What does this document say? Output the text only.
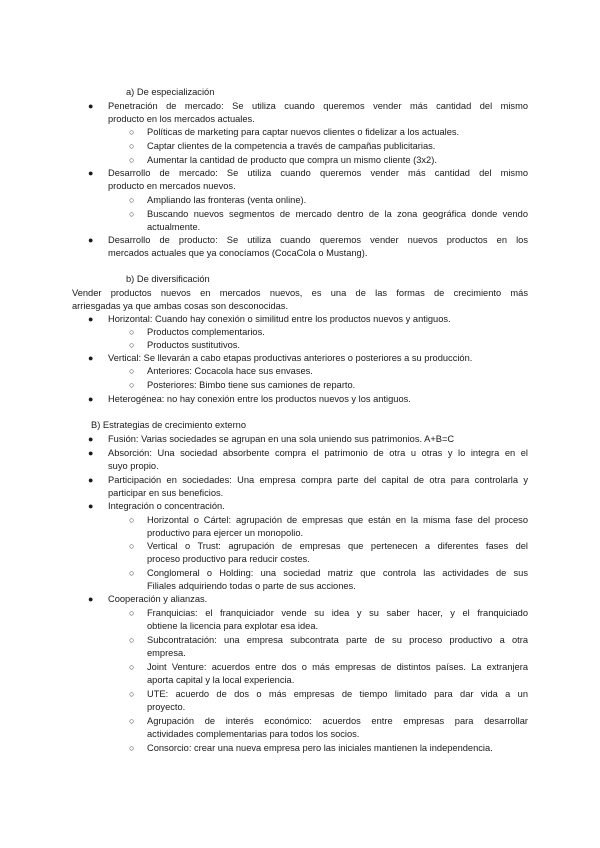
a) De especialización
● Penetración de mercado: Se utiliza cuando queremos vender más cantidad del mismo
producto en los mercados actuales.
○ Políticas de marketing para captar nuevos clientes o fidelizar a los actuales.
○ Captar clientes de la competencia a través de campañas publicitarias.
○ Aumentar la cantidad de producto que compra un mismo cliente (3x2).
● Desarrollo de mercado: Se utiliza cuando queremos vender más cantidad del mismo
producto en mercados nuevos.
○ Ampliando las fronteras (venta online).
○ Buscando nuevos segmentos de mercado dentro de la zona geográfica donde vendo
actualmente.
● Desarrollo de producto: Se utiliza cuando queremos vender nuevos productos en los
mercados actuales que ya conocíamos (CocaCola o Mustang).
b) De diversificación
Vender productos nuevos en mercados nuevos, es una de las formas de crecimiento más
arriesgadas ya que ambas cosas son desconocidas.
● Horizontal: Cuando hay conexión o similitud entre los productos nuevos y antiguos.
○ Productos complementarios.
○ Productos sustitutivos.
● Vertical: Se llevarán a cabo etapas productivas anteriores o posteriores a su producción.
○ Anteriores: Cocacola hace sus envases.
○ Posteriores: Bimbo tiene sus camiones de reparto.
● Heterogénea: no hay conexión entre los productos nuevos y los antiguos.
B) Estrategias de crecimiento externo
● Fusión: Varias sociedades se agrupan en una sola uniendo sus patrimonios. A+B=C
● Absorción: Una sociedad absorbente compra el patrimonio de otra u otras y lo integra en el
suyo propio.
● Participación en sociedades: Una empresa compra parte del capital de otra para controlarla y
participar en sus beneficios.
● Integración o concentración.
○ Horizontal o Cártel: agrupación de empresas que están en la misma fase del proceso
productivo para ejercer un monopolio.
○ Vertical o Trust: agrupación de empresas que pertenecen a diferentes fases del
proceso productivo para reducir costes.
○ Conglomeral o Holding: una sociedad matriz que controla las actividades de sus
Filiales adquiriendo todas o parte de sus acciones.
● Cooperación y alianzas.
○ Franquicias: el franquiciador vende su idea y su saber hacer, y el franquiciado
obtiene la licencia para explotar esa idea.
○ Subcontratación: una empresa subcontrata parte de su proceso productivo a otra
empresa.
○ Joint Venture: acuerdos entre dos o más empresas de distintos países. La extranjera
aporta capital y la local experiencia.
○ UTE: acuerdo de dos o más empresas de tiempo limitado para dar vida a un
proyecto.
○ Agrupación de interés económico: acuerdos entre empresas para desarrollar
actividades complementarias para todos los socios.
○ Consorcio: crear una nueva empresa pero las iniciales mantienen la independencia.
